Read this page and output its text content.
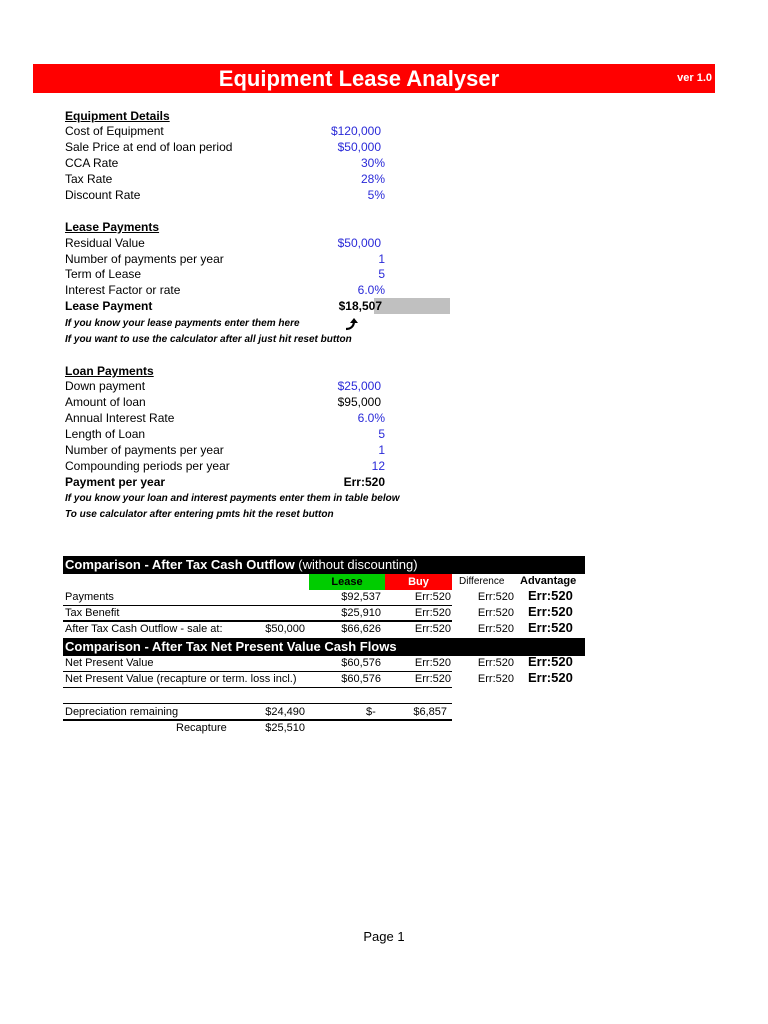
Equipment Lease Analyser	ver 1.0
Equipment Details
Cost of Equipment	$120,000
Sale Price at end of loan period	$50,000
CCA Rate	30%
Tax Rate	28%
Discount Rate	5%
Lease Payments
Residual Value	$50,000
Number of payments per year	1
Term of Lease	5
Interest Factor or rate	6.0%
Lease Payment	$18,507
If you know your lease payments enter them here
If you want to use the calculator after all just hit reset button
Loan Payments
Down payment	$25,000
Amount of loan	$95,000
Annual Interest Rate	6.0%
Length of Loan	5
Number of payments per year	1
Compounding periods per year	12
Payment per year	Err:520
If you know your loan and interest payments enter them in table below
To use calculator after entering pmts hit the reset button
Comparison - After Tax Cash Outflow (without discounting)
Lease	Buy	Difference Advantage
Payments	$92,537	Err:520	Err:520 Err:520
Tax Benefit	$25,910	Err:520	Err:520 Err:520
After Tax Cash Outflow - sale at:	$50,000	$66,626	Err:520	Err:520 Err:520
Comparison - After Tax Net Present Value Cash Flows
Net Present Value	$60,576	Err:520	Err:520 Err:520
Net Present Value (recapture or term. loss incl.)	$60,576	Err:520	Err:520 Err:520
Depreciation remaining	$24,490	$-	$6,857
Recapture	$25,510
Page 1
